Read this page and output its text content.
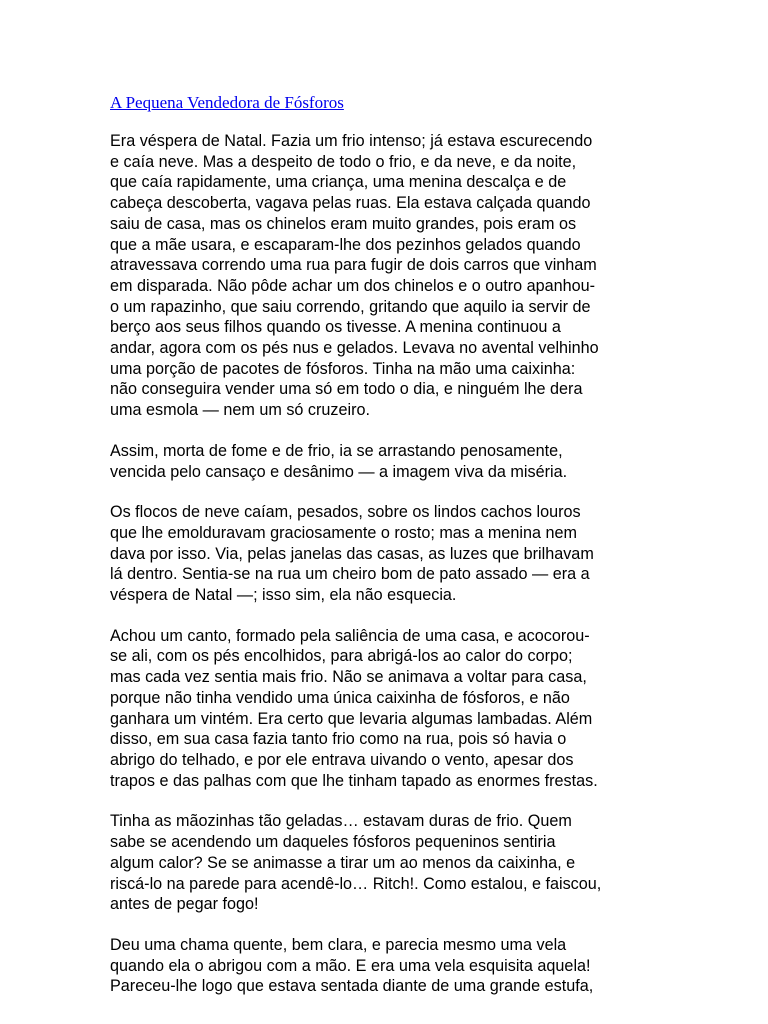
A Pequena Vendedora de Fósforos

Era véspera de Natal. Fazia um frio intenso; já estava escurecendo
e caía neve. Mas a despeito de todo o frio, e da neve, e da noite,
que caía rapidamente, uma criança, uma menina descalça e de
cabeça descoberta, vagava pelas ruas. Ela estava calçada quando
saiu de casa, mas os chinelos eram muito grandes, pois eram os
que a mãe usara, e escaparam-lhe dos pezinhos gelados quando
atravessava correndo uma rua para fugir de dois carros que vinham
em disparada. Não pôde achar um dos chinelos e o outro apanhou-
o um rapazinho, que saiu correndo, gritando que aquilo ia servir de
berço aos seus filhos quando os tivesse. A menina continuou a
andar, agora com os pés nus e gelados. Levava no avental velhinho
uma porção de pacotes de fósforos. Tinha na mão uma caixinha:
não conseguira vender uma só em todo o dia, e ninguém lhe dera
uma esmola — nem um só cruzeiro.

Assim, morta de fome e de frio, ia se arrastando penosamente,
vencida pelo cansaço e desânimo — a imagem viva da miséria.

Os flocos de neve caíam, pesados, sobre os lindos cachos louros
que lhe emolduravam graciosamente o rosto; mas a menina nem
dava por isso. Via, pelas janelas das casas, as luzes que brilhavam
lá dentro. Sentia-se na rua um cheiro bom de pato assado — era a
véspera de Natal —; isso sim, ela não esquecia.

Achou um canto, formado pela saliência de uma casa, e acocorou-
se ali, com os pés encolhidos, para abrigá-los ao calor do corpo;
mas cada vez sentia mais frio. Não se animava a voltar para casa,
porque não tinha vendido uma única caixinha de fósforos, e não
ganhara um vintém. Era certo que levaria algumas lambadas. Além
disso, em sua casa fazia tanto frio como na rua, pois só havia o
abrigo do telhado, e por ele entrava uivando o vento, apesar dos
trapos e das palhas com que lhe tinham tapado as enormes frestas.

Tinha as mãozinhas tão geladas… estavam duras de frio. Quem
sabe se acendendo um daqueles fósforos pequeninos sentiria
algum calor? Se se animasse a tirar um ao menos da caixinha, e
riscá-lo na parede para acendê-lo… Ritch!. Como estalou, e faiscou,
antes de pegar fogo!

Deu uma chama quente, bem clara, e parecia mesmo uma vela
quando ela o abrigou com a mão. E era uma vela esquisita aquela!
Pareceu-lhe logo que estava sentada diante de uma grande estufa,
